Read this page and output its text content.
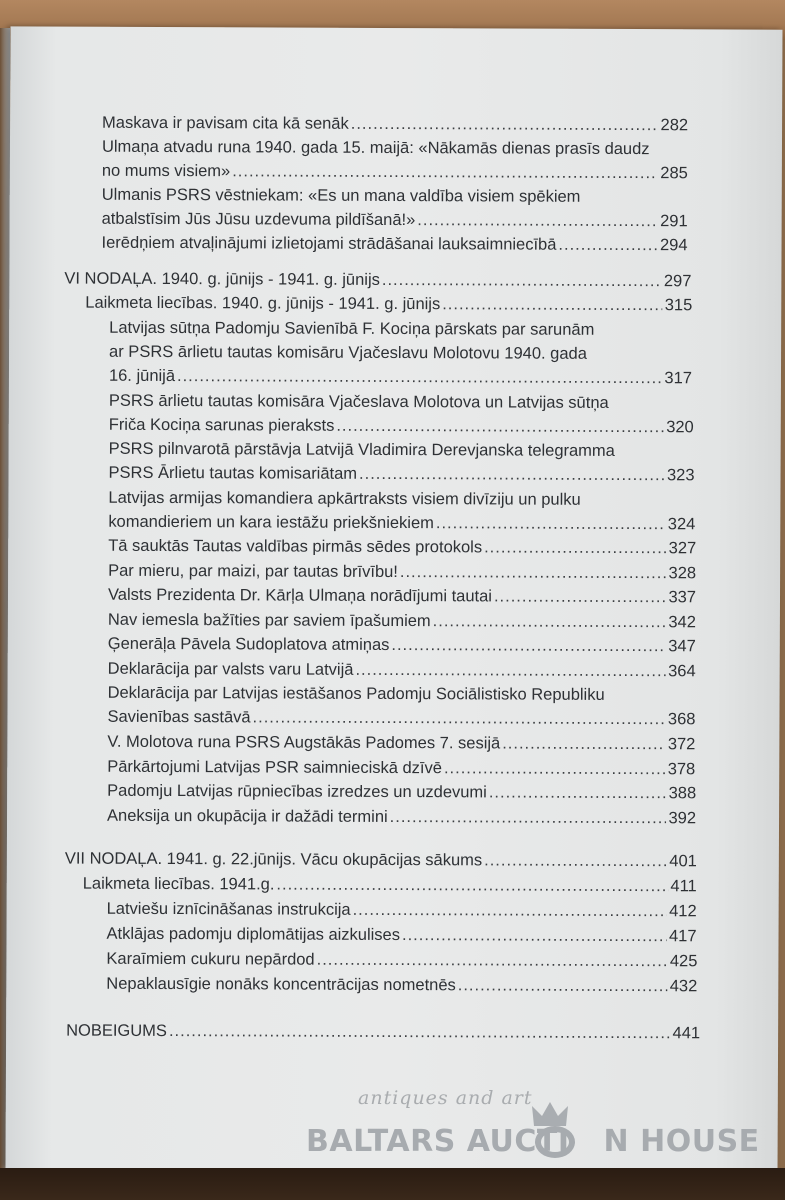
Maskava ir pavisam cita kā senāk .....	282
Ulmaņa atvadu runa 1940. gada 15. maijā: «Nākamās dienas prasīs daudz
no mums visiem» .....	285
Ulmanis PSRS vēstniekam: «Es un mana valdība visiem spēkiem
atbalstīsim Jūs Jūsu uzdevuma pildīšanā!» .....	291
Ierēdņiem atvaļinājumi izlietojami strādāšanai lauksaimniecībā .....	294
VI NODAĻA. 1940. g. jūnijs - 1941. g. jūnijs .....	297
Laikmeta liecības. 1940. g. jūnijs - 1941. g. jūnijs .....	315
Latvijas sūtņa Padomju Savienībā F. Kociņa pārskats par sarunām
ar PSRS ārlietu tautas komisāru Vjačeslavu Molotovu 1940. gada
16. jūnijā .....	317
PSRS ārlietu tautas komisāra Vjačeslava Molotova un Latvijas sūtņa
Friča Kociņa sarunas pieraksts .....	320
PSRS pilnvarotā pārstāvja Latvijā Vladimira Derevjanska telegramma
PSRS Ārlietu tautas komisariātam .....	323
Latvijas armijas komandiera apkārtraksts visiem divīziju un pulku
komandieriem un kara iestāžu priekšniekiem .....	324
Tā sauktās Tautas valdības pirmās sēdes protokols .....	327
Par mieru, par maizi, par tautas brīvību! .....	328
Valsts Prezidenta Dr. Kārļa Ulmaņa norādījumi tautai .....	337
Nav iemesla bažīties par saviem īpašumiem .....	342
Ģenerāļa Pāvela Sudoplatova atmiņas .....	347
Deklarācija par valsts varu Latvijā .....	364
Deklarācija par Latvijas iestāšanos Padomju Sociālistisko Republiku
Savienības sastāvā .....	368
V. Molotova runa PSRS Augstākās Padomes 7. sesijā .....	372
Pārkārtojumi Latvijas PSR saimnieciskā dzīvē .....	378
Padomju Latvijas rūpniecības izredzes un uzdevumi .....	388
Aneksija un okupācija ir dažādi termini .....	392
VII NODAĻA. 1941. g. 22.jūnijs. Vācu okupācijas sākums .....	401
Laikmeta liecības. 1941.g. .....	411
Latviešu iznīcināšanas instrukcija .....	412
Atklājas padomju diplomātijas aizkulises .....	417
Karaīmiem cukuru nepārdod .....	425
Nepaklausīgie nonāks koncentrācijas nometnēs .....	432
NOBEIGUMS .....	441
antiques and art
BALTARS AUCTI N HOUSE
